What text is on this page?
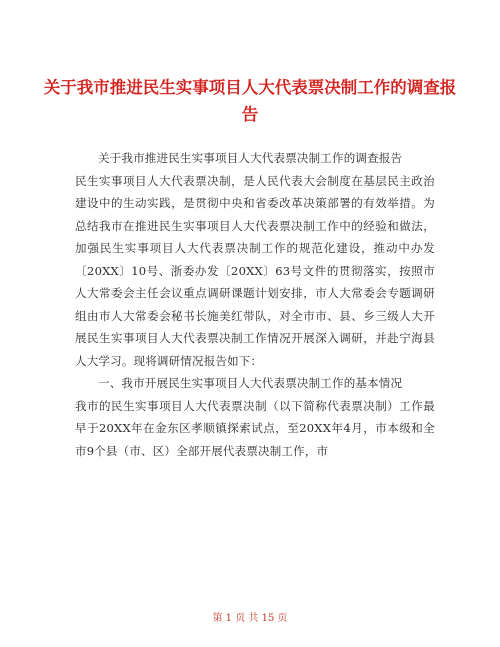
关于我市推进民生实事项目人大代表票决制工作的调查报告

关于我市推进民生实事项目人大代表票决制工作的调查报告

民生实事项目人大代表票决制，是人民代表大会制度在基层民主政治建设中的生动实践，是贯彻中央和省委改革决策部署的有效举措。为总结我市在推进民生实事项目人大代表票决制工作中的经验和做法，加强民生实事项目人大代表票决制工作的规范化建设，推动中办发〔20XX〕10号、浙委办发〔20XX〕63号文件的贯彻落实，按照市人大常委会主任会议重点调研课题计划安排，市人大常委会专题调研组由市人大常委会秘书长施美红带队，对全市市、县、乡三级人大开展民生实事项目人大代表票决制工作情况开展深入调研，并赴宁海县人大学习。现将调研情况报告如下：

一、我市开展民生实事项目人大代表票决制工作的基本情况

我市的民生实事项目人大代表票决制（以下简称代表票决制）工作最早于20XX年在金东区孝顺镇探索试点，至20XX年4月，市本级和全市9个县（市、区）全部开展代表票决制工作，市

第 1 页 共 15 页
